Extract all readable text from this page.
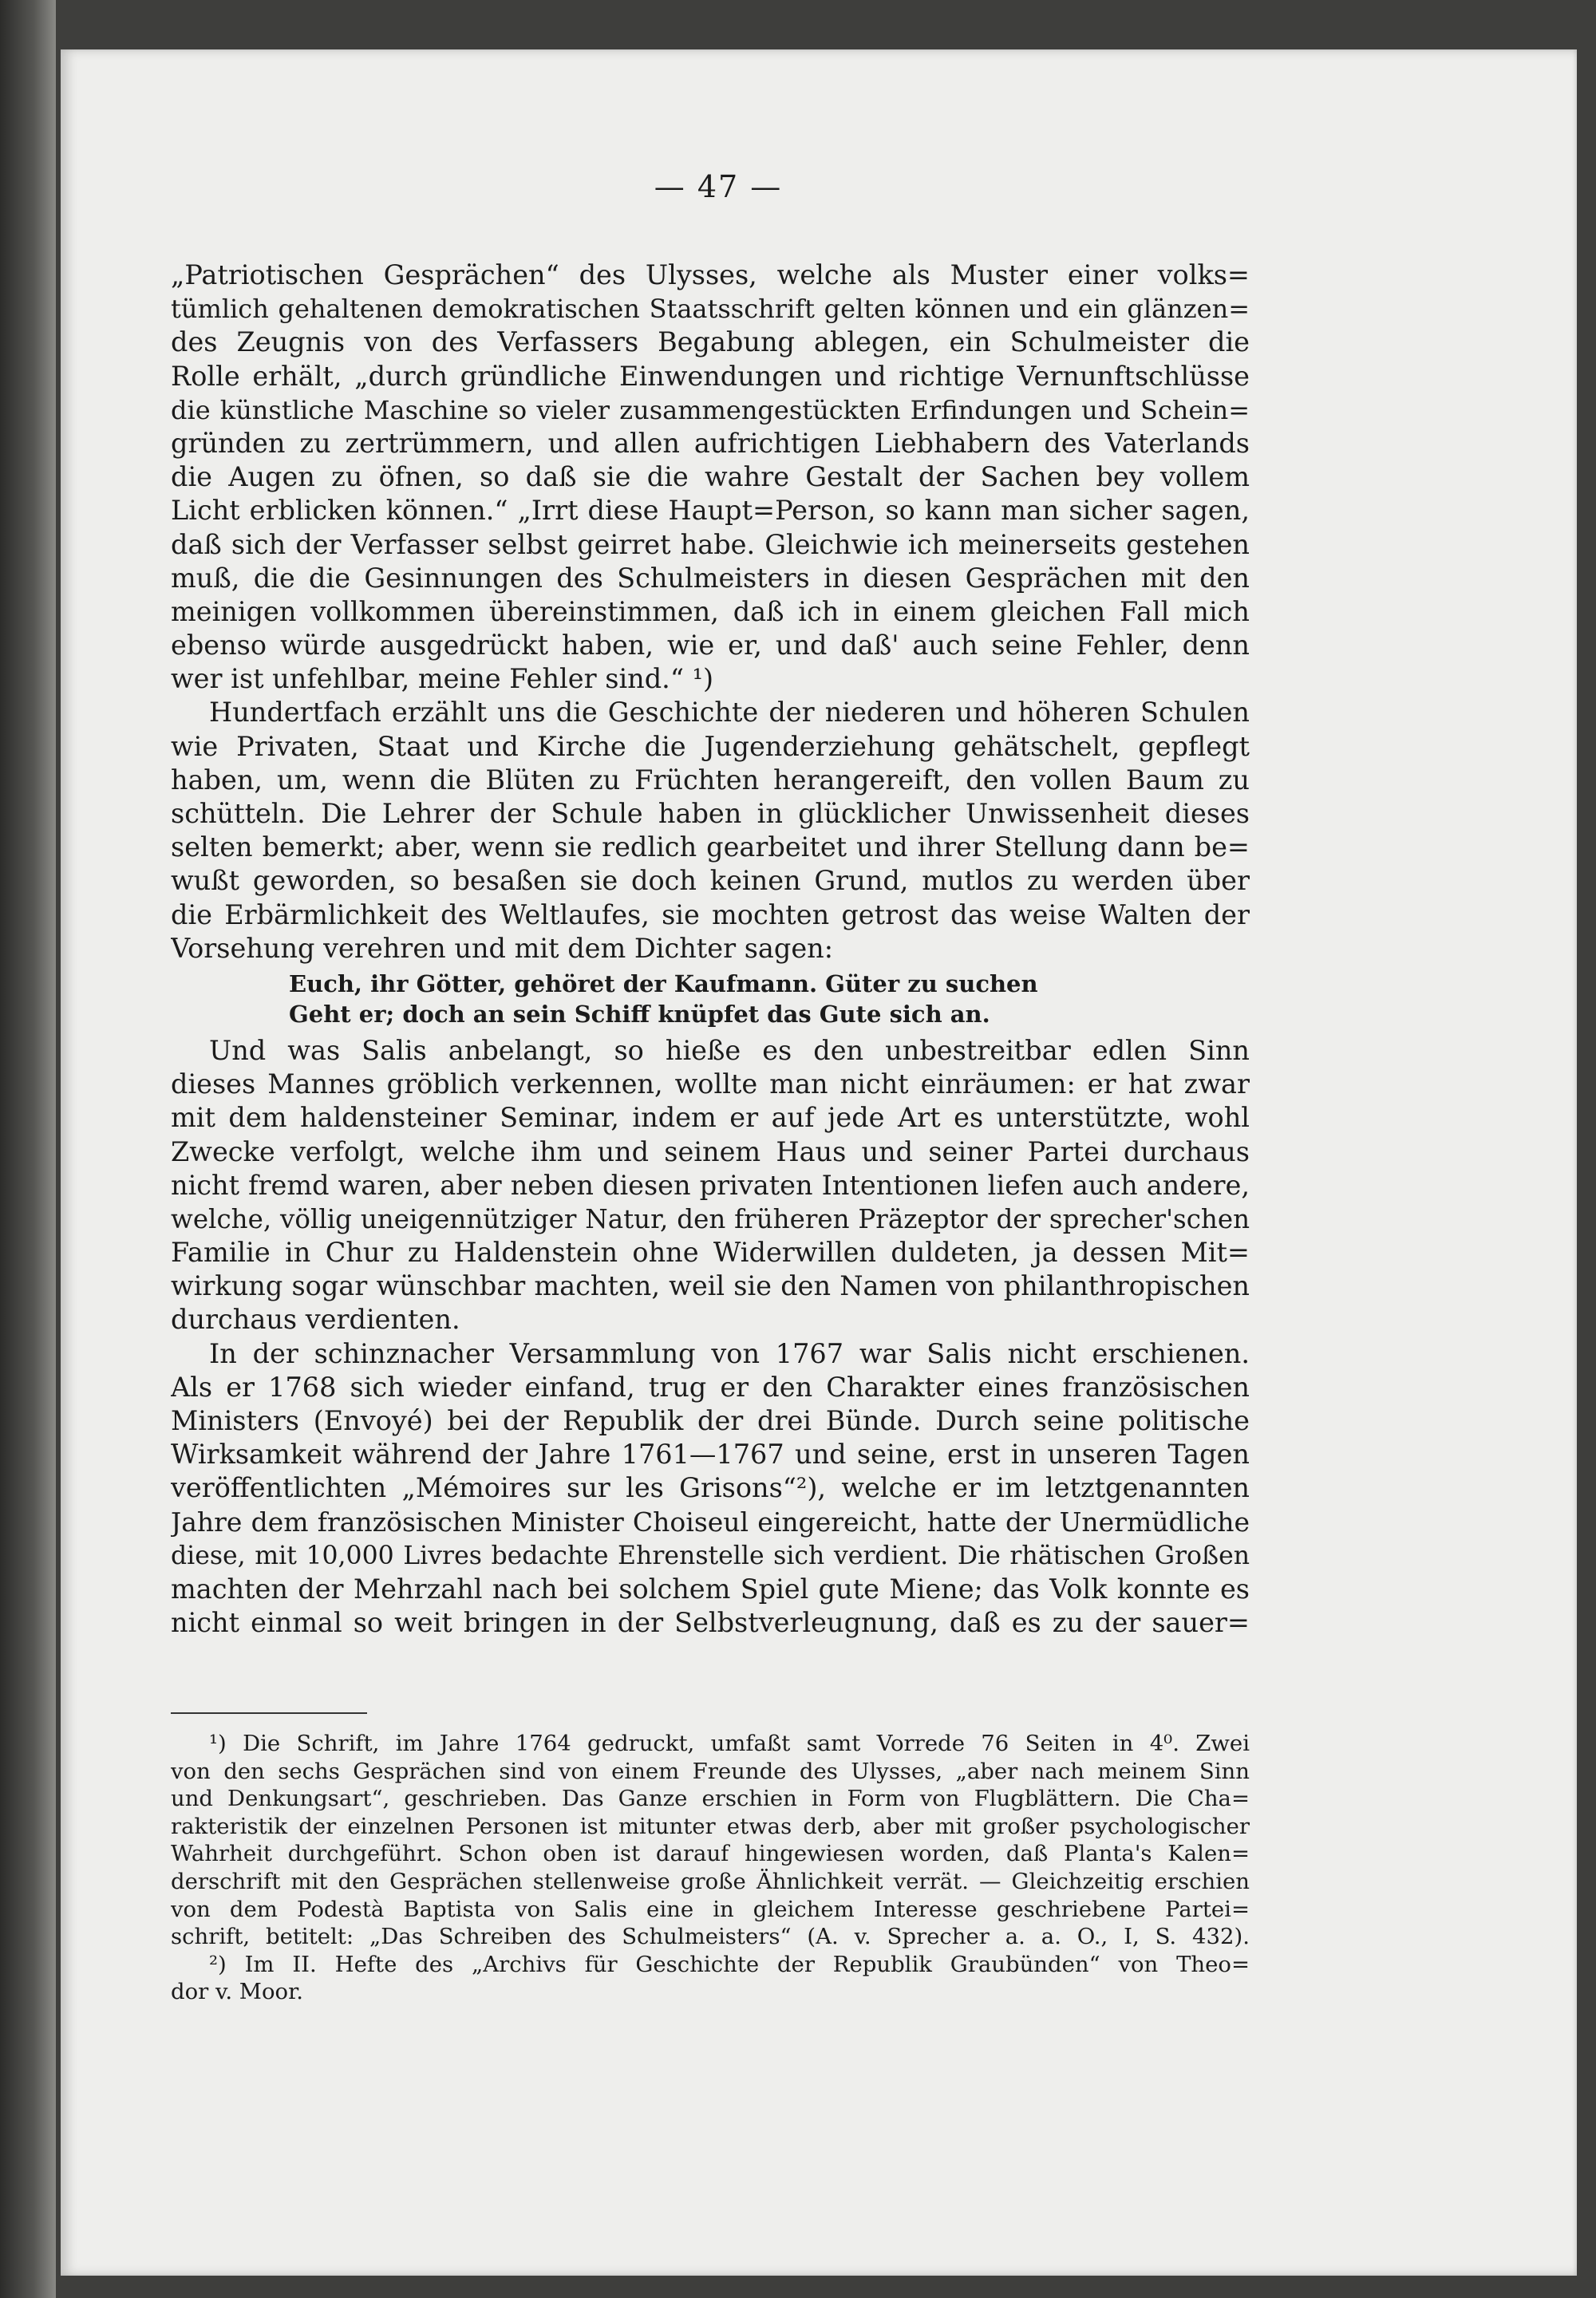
— 47 —
„Patriotischen Gesprächen“ des Ulysses, welche als Muster einer volks=
tümlich gehaltenen demokratischen Staatsschrift gelten können und ein glänzen=
des Zeugnis von des Verfassers Begabung ablegen, ein Schulmeister die
Rolle erhält, „durch gründliche Einwendungen und richtige Vernunftschlüsse
die künstliche Maschine so vieler zusammengestückten Erfindungen und Schein=
gründen zu zertrümmern, und allen aufrichtigen Liebhabern des Vaterlands
die Augen zu öfnen, so daß sie die wahre Gestalt der Sachen bey vollem
Licht erblicken können.“ „Irrt diese Haupt=Person, so kann man sicher sagen,
daß sich der Verfasser selbst geirret habe. Gleichwie ich meinerseits gestehen
muß, die die Gesinnungen des Schulmeisters in diesen Gesprächen mit den
meinigen vollkommen übereinstimmen, daß ich in einem gleichen Fall mich
ebenso würde ausgedrückt haben, wie er, und daß' auch seine Fehler, denn
wer ist unfehlbar, meine Fehler sind.“ ¹)
Hundertfach erzählt uns die Geschichte der niederen und höheren Schulen
wie Privaten, Staat und Kirche die Jugenderziehung gehätschelt, gepflegt
haben, um, wenn die Blüten zu Früchten herangereift, den vollen Baum zu
schütteln. Die Lehrer der Schule haben in glücklicher Unwissenheit dieses
selten bemerkt; aber, wenn sie redlich gearbeitet und ihrer Stellung dann be=
wußt geworden, so besaßen sie doch keinen Grund, mutlos zu werden über
die Erbärmlichkeit des Weltlaufes, sie mochten getrost das weise Walten der
Vorsehung verehren und mit dem Dichter sagen:
Euch, ihr Götter, gehöret der Kaufmann. Güter zu suchen
Geht er; doch an sein Schiff knüpfet das Gute sich an.
Und was Salis anbelangt, so hieße es den unbestreitbar edlen Sinn
dieses Mannes gröblich verkennen, wollte man nicht einräumen: er hat zwar
mit dem haldensteiner Seminar, indem er auf jede Art es unterstützte, wohl
Zwecke verfolgt, welche ihm und seinem Haus und seiner Partei durchaus
nicht fremd waren, aber neben diesen privaten Intentionen liefen auch andere,
welche, völlig uneigennütziger Natur, den früheren Präzeptor der sprecher'schen
Familie in Chur zu Haldenstein ohne Widerwillen duldeten, ja dessen Mit=
wirkung sogar wünschbar machten, weil sie den Namen von philanthropischen
durchaus verdienten.
In der schinznacher Versammlung von 1767 war Salis nicht erschienen.
Als er 1768 sich wieder einfand, trug er den Charakter eines französischen
Ministers (Envoyé) bei der Republik der drei Bünde. Durch seine politische
Wirksamkeit während der Jahre 1761—1767 und seine, erst in unseren Tagen
veröffentlichten „Mémoires sur les Grisons“²), welche er im letztgenannten
Jahre dem französischen Minister Choiseul eingereicht, hatte der Unermüdliche
diese, mit 10,000 Livres bedachte Ehrenstelle sich verdient. Die rhätischen Großen
machten der Mehrzahl nach bei solchem Spiel gute Miene; das Volk konnte es
nicht einmal so weit bringen in der Selbstverleugnung, daß es zu der sauer=
¹) Die Schrift, im Jahre 1764 gedruckt, umfaßt samt Vorrede 76 Seiten in 4⁰. Zwei
von den sechs Gesprächen sind von einem Freunde des Ulysses, „aber nach meinem Sinn
und Denkungsart“, geschrieben. Das Ganze erschien in Form von Flugblättern. Die Cha=
rakteristik der einzelnen Personen ist mitunter etwas derb, aber mit großer psychologischer
Wahrheit durchgeführt. Schon oben ist darauf hingewiesen worden, daß Planta's Kalen=
derschrift mit den Gesprächen stellenweise große Ähnlichkeit verrät. — Gleichzeitig erschien
von dem Podestà Baptista von Salis eine in gleichem Interesse geschriebene Partei=
schrift, betitelt: „Das Schreiben des Schulmeisters“ (A. v. Sprecher a. a. O., I, S. 432).
²) Im II. Hefte des „Archivs für Geschichte der Republik Graubünden“ von Theo=
dor v. Moor.
